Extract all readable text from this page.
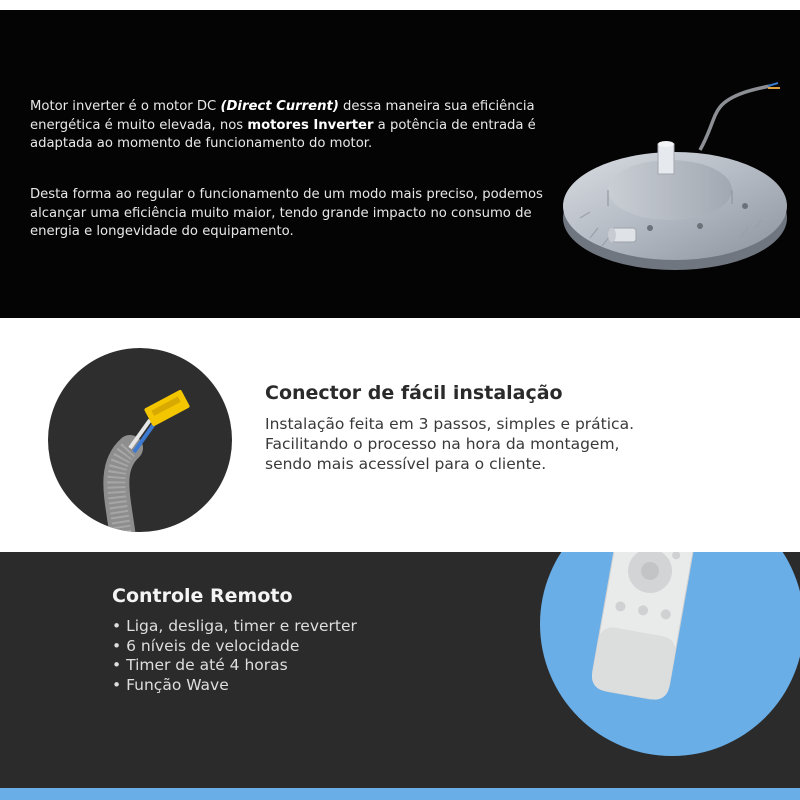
Motor inverter é o motor DC (Direct Current) dessa maneira sua eficiência energética é muito elevada, nos motores Inverter a potência de entrada é adaptada ao momento de funcionamento do motor.
Desta forma ao regular o funcionamento de um modo mais preciso, podemos alcançar uma eficiência muito maior, tendo grande impacto no consumo de energia e longevidade do equipamento.
Conector de fácil instalação
Instalação feita em 3 passos, simples e prática.
Facilitando o processo na hora da montagem,
sendo mais acessível para o cliente.
Controle Remoto
• Liga, desliga, timer e reverter
• 6 níveis de velocidade
• Timer de até 4 horas
• Função Wave
